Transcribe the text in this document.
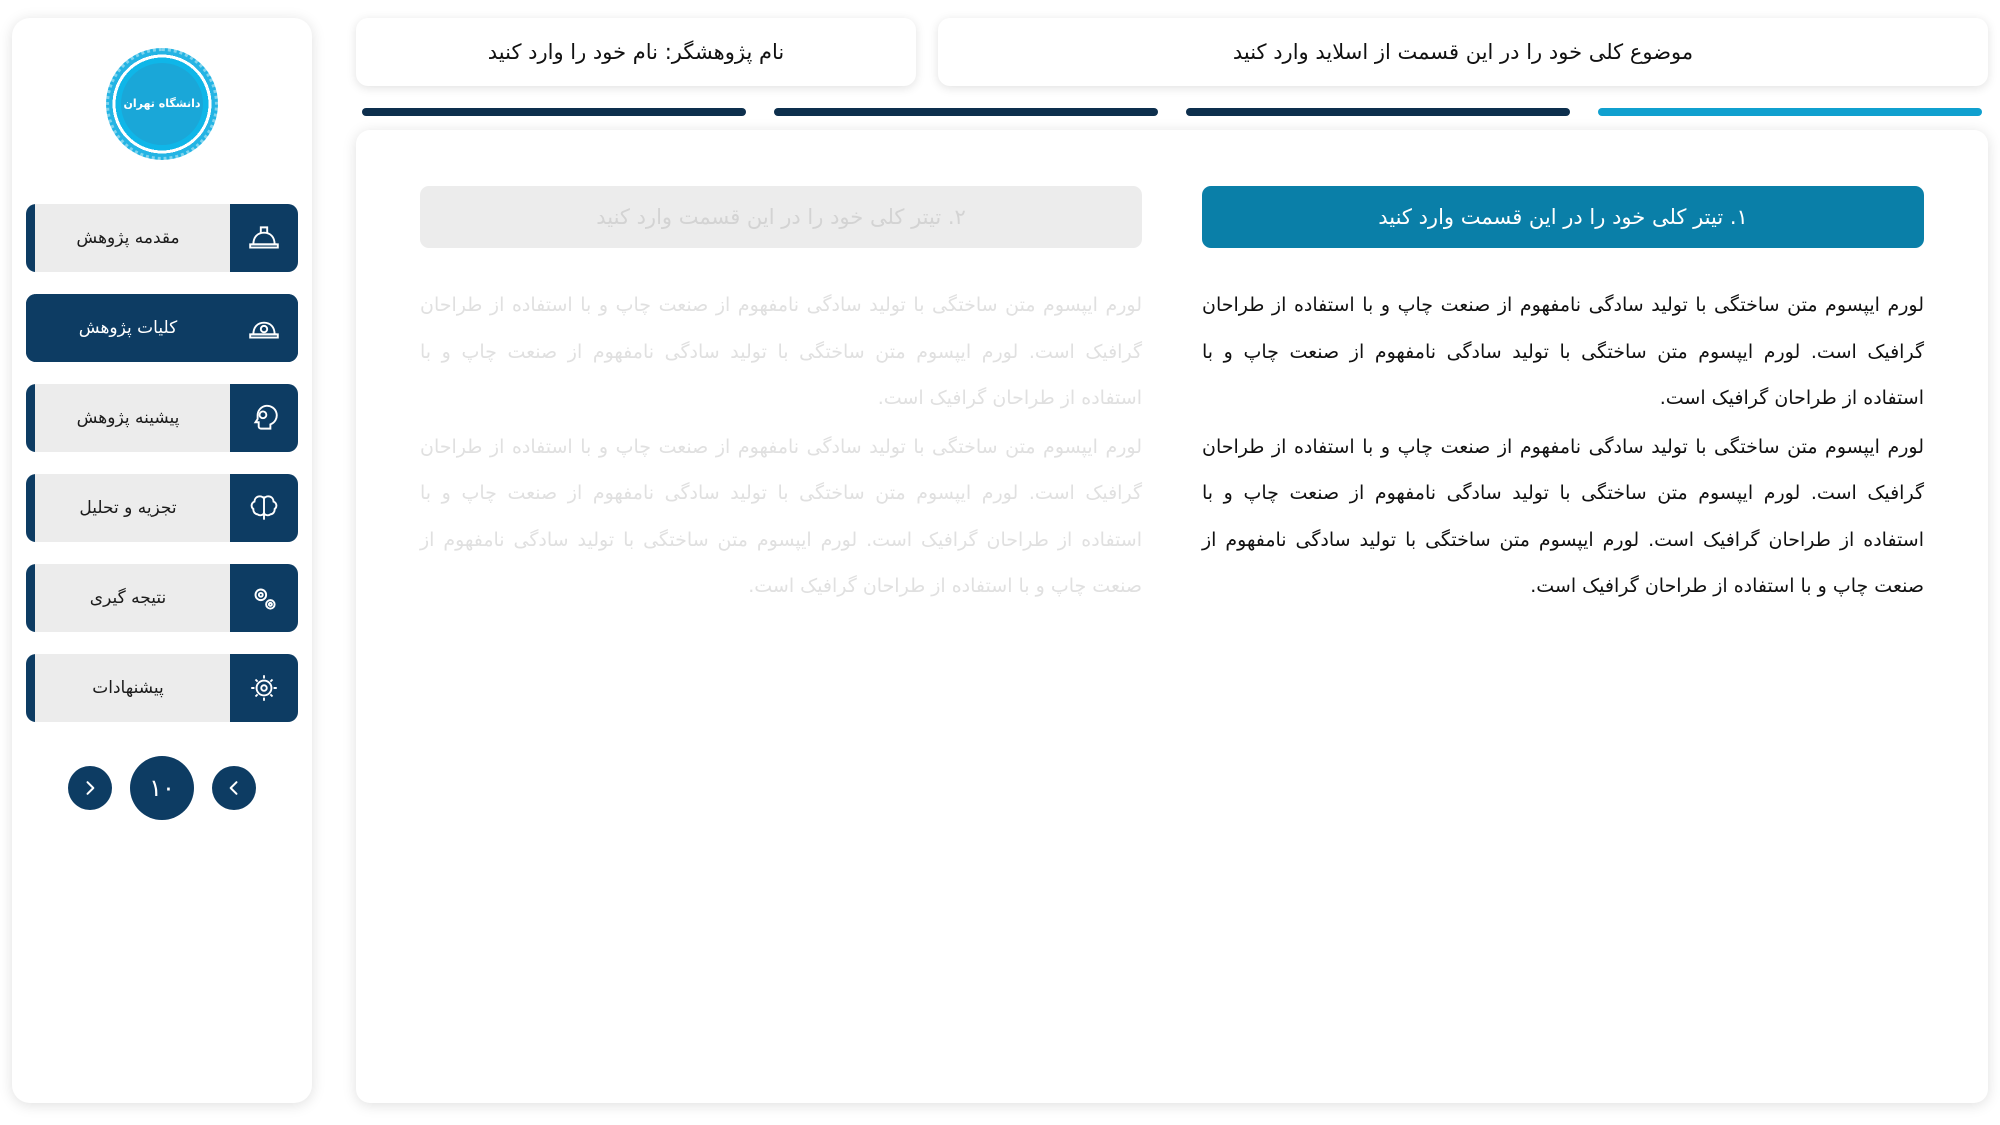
دانشگاه تهران
مقدمه پژوهش
کلیات پژوهش
پیشینه پژوهش
تجزیه و تحلیل
نتیجه گیری
پیشنهادات
۱۰
موضوع کلی خود را در این قسمت از اسلاید وارد کنید
نام پژوهشگر: نام خود را وارد کنید
۱. تیتر کلی خود را در این قسمت وارد کنید

لورم ایپسوم متن ساختگی با تولید سادگی نامفهوم از صنعت چاپ و با استفاده از طراحان گرافیک است. لورم ایپسوم متن ساختگی با تولید سادگی نامفهوم از صنعت چاپ و با استفاده از طراحان گرافیک است.

لورم ایپسوم متن ساختگی با تولید سادگی نامفهوم از صنعت چاپ و با استفاده از طراحان گرافیک است. لورم ایپسوم متن ساختگی با تولید سادگی نامفهوم از صنعت چاپ و با استفاده از طراحان گرافیک است. لورم ایپسوم متن ساختگی با تولید سادگی نامفهوم از صنعت چاپ و با استفاده از طراحان گرافیک است.

۲. تیتر کلی خود را در این قسمت وارد کنید

لورم ایپسوم متن ساختگی با تولید سادگی نامفهوم از صنعت چاپ و با استفاده از طراحان گرافیک است. لورم ایپسوم متن ساختگی با تولید سادگی نامفهوم از صنعت چاپ و با استفاده از طراحان گرافیک است.

لورم ایپسوم متن ساختگی با تولید سادگی نامفهوم از صنعت چاپ و با استفاده از طراحان گرافیک است. لورم ایپسوم متن ساختگی با تولید سادگی نامفهوم از صنعت چاپ و با استفاده از طراحان گرافیک است. لورم ایپسوم متن ساختگی با تولید سادگی نامفهوم از صنعت چاپ و با استفاده از طراحان گرافیک است.
